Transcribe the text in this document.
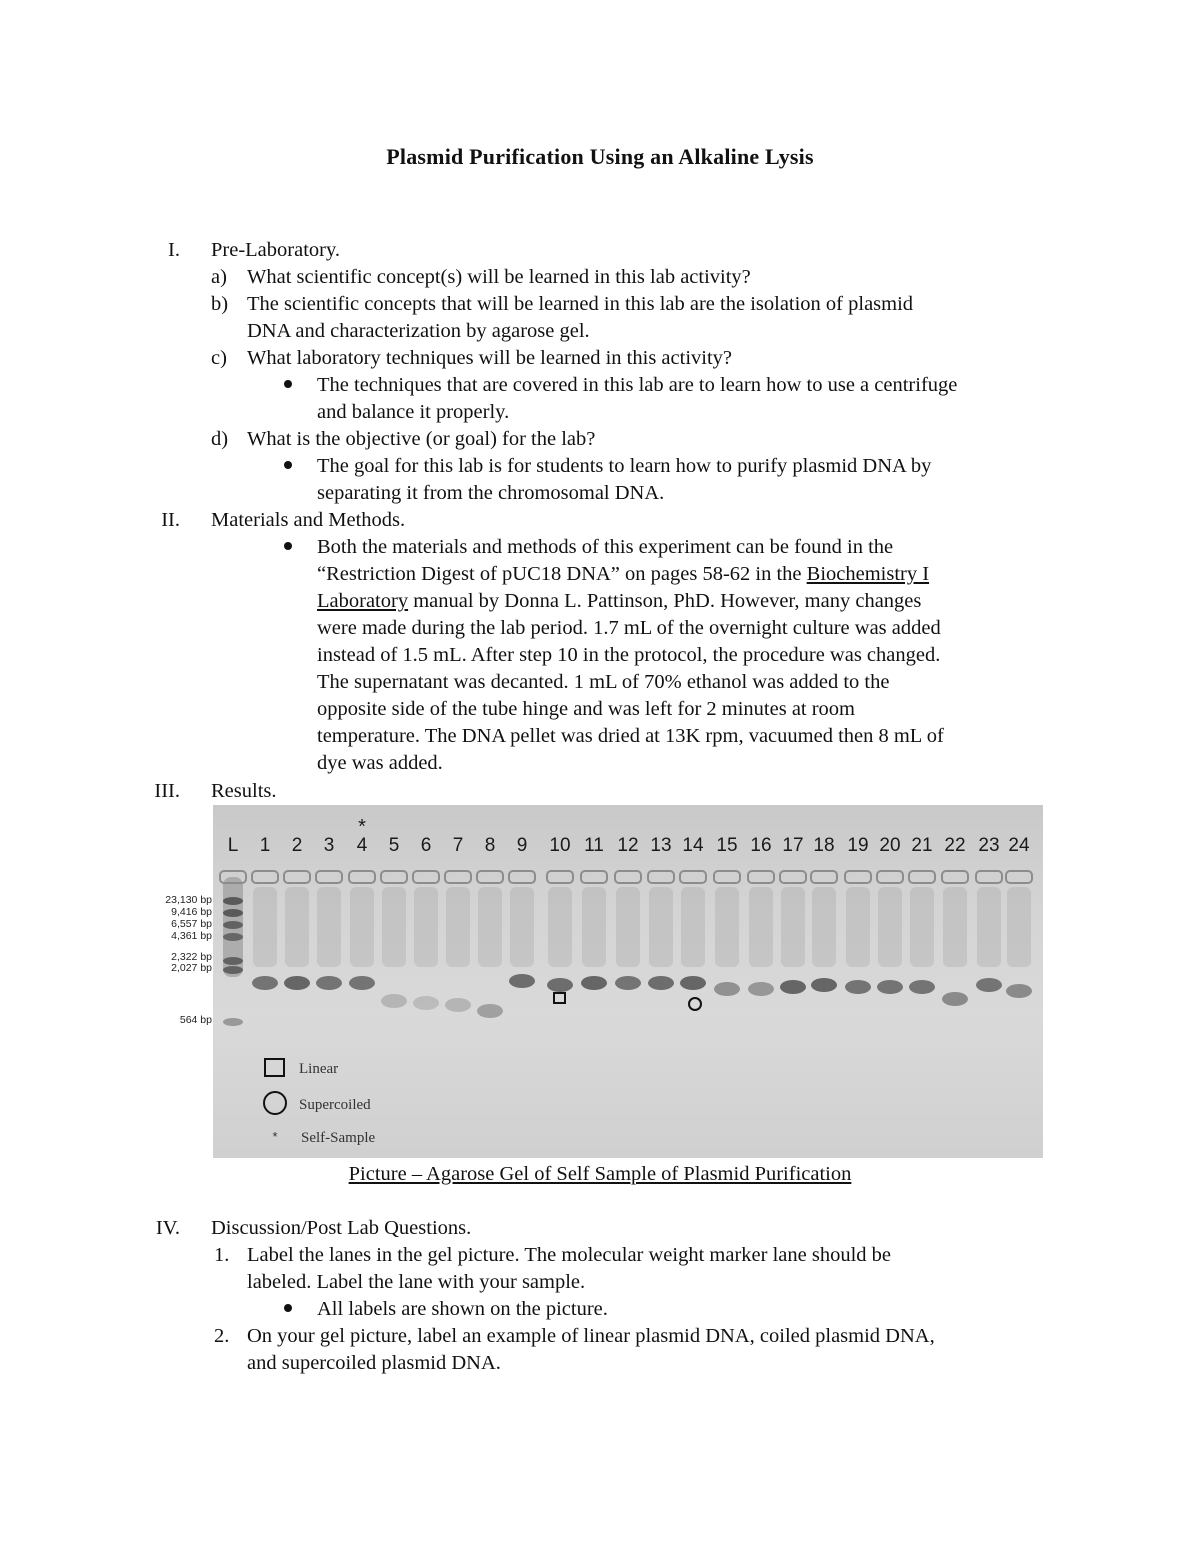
Plasmid Purification Using an Alkaline Lysis
I. Pre-Laboratory.
a) What scientific concept(s) will be learned in this lab activity?
b) The scientific concepts that will be learned in this lab are the isolation of plasmid
DNA and characterization by agarose gel.
c) What laboratory techniques will be learned in this activity?
The techniques that are covered in this lab are to learn how to use a centrifuge
and balance it properly.
d) What is the objective (or goal) for the lab?
The goal for this lab is for students to learn how to purify plasmid DNA by
separating it from the chromosomal DNA.
II. Materials and Methods.
Both the materials and methods of this experiment can be found in the
“Restriction Digest of pUC18 DNA” on pages 58-62 in the Biochemistry I
Laboratory manual by Donna L. Pattinson, PhD. However, many changes
were made during the lab period. 1.7 mL of the overnight culture was added
instead of 1.5 mL. After step 10 in the protocol, the procedure was changed.
The supernatant was decanted. 1 mL of 70% ethanol was added to the
opposite side of the tube hinge and was left for 2 minutes at room
temperature. The DNA pellet was dried at 13K rpm, vacuumed then 8 mL of
dye was added.
III. Results.
23,130 bp
9,416 bp
6,557 bp
4,361 bp
2,322 bp
2,027 bp
564 bp
L 1 2 3 4 5 6 7 8 9 10 11 12 13 14 15 16 17 18 19 20 21 22 23 24
*
Linear
Supercoiled
* Self-Sample
Picture – Agarose Gel of Self Sample of Plasmid Purification
IV. Discussion/Post Lab Questions.
1. Label the lanes in the gel picture. The molecular weight marker lane should be
labeled. Label the lane with your sample.
All labels are shown on the picture.
2. On your gel picture, label an example of linear plasmid DNA, coiled plasmid DNA,
and supercoiled plasmid DNA.
